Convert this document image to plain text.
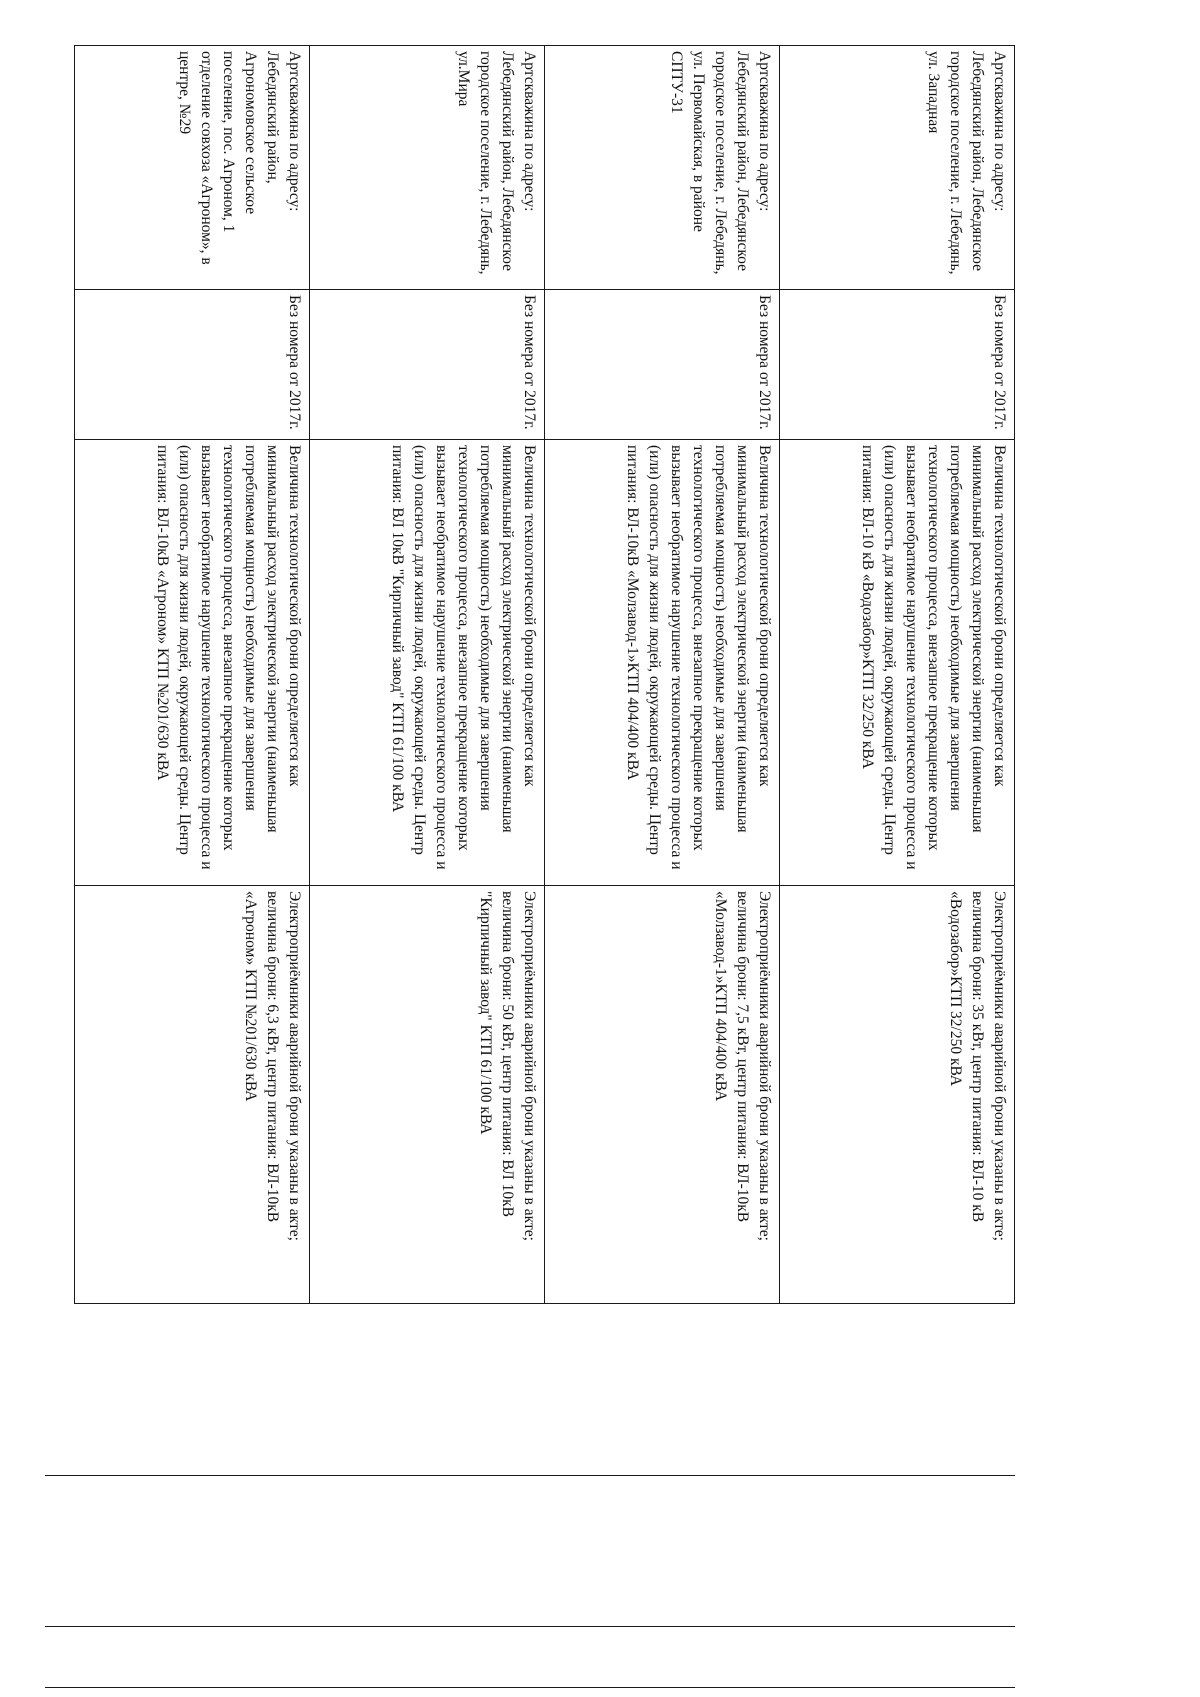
Артскважина по адресу: Лебедянский район, Лебедянское городское поселение, г. Лебедянь, ул. Западная	Без номера от 2017г.	Величина технологической брони определяется как минимальный расход электрической энергии (наименьшая потребляемая мощность) необходимые для завершения технологического процесса, внезапное прекращение которых вызывает необратимое нарушение технологического процесса и (или) опасность для жизни людей, окружающей среды. Центр питания: ВЛ-10 кВ «Водозабор»КТП 32/250 кВА	Электроприёмники аварийной брони указаны в акте; величина брони: 35 кВт, центр питания: ВЛ-10 кВ «Водозабор»КТП 32/250 кВА
Артскважина по адресу: Лебедянский район, Лебедянское городское поселение, г. Лебедянь, ул. Первомайская, в районе СПТУ-31	Без номера от 2017г.	Величина технологической брони определяется как минимальный расход электрической энергии (наименьшая потребляемая мощность) необходимые для завершения технологического процесса, внезапное прекращение которых вызывает необратимое нарушение технологического процесса и (или) опасность для жизни людей, окружающей среды. Центр питания: ВЛ-10кВ «Молзавод-1»КТП 404/400 кВА	Электроприёмники аварийной брони указаны в акте; величина брони: 7,5 кВт, центр питания: ВЛ-10кВ «Молзавод-1»КТП 404/400 кВА
Артскважина по адресу: Лебедянский район, Лебедянское городское поселение, г. Лебедянь, ул.Мира	Без номера от 2017г.	Величина технологической брони определяется как минимальный расход электрической энергии (наименьшая потребляемая мощность) необходимые для завершения технологического процесса, внезапное прекращение которых вызывает необратимое нарушение технологического процесса и (или) опасность для жизни людей, окружающей среды. Центр питания: ВЛ 10кВ "Кирпичный завод" КТП 61/100 кВА	Электроприёмники аварийной брони указаны в акте; величина брони: 50 кВт, центр питания: ВЛ 10кВ "Кирпичный завод" КТП 61/100 кВА
Артскважина по адресу: Лебедянский район, Агрономовское сельское поселение, пос. Агроном, 1 отделение совхоза «Агроном», в центре, №29	Без номера от 2017г.	Величина технологической брони определяется как минимальный расход электрической энергии (наименьшая потребляемая мощность) необходимые для завершения технологического процесса, внезапное прекращение которых вызывает необратимое нарушение технологического процесса и (или) опасность для жизни людей, окружающей среды. Центр питания: ВЛ-10кВ «Агроном» КТП №201/630 кВА	Электроприёмники аварийной брони указаны в акте; величина брони: 6,3 кВт, центр питания: ВЛ-10кВ «Агроном» КТП №201/630 кВА
